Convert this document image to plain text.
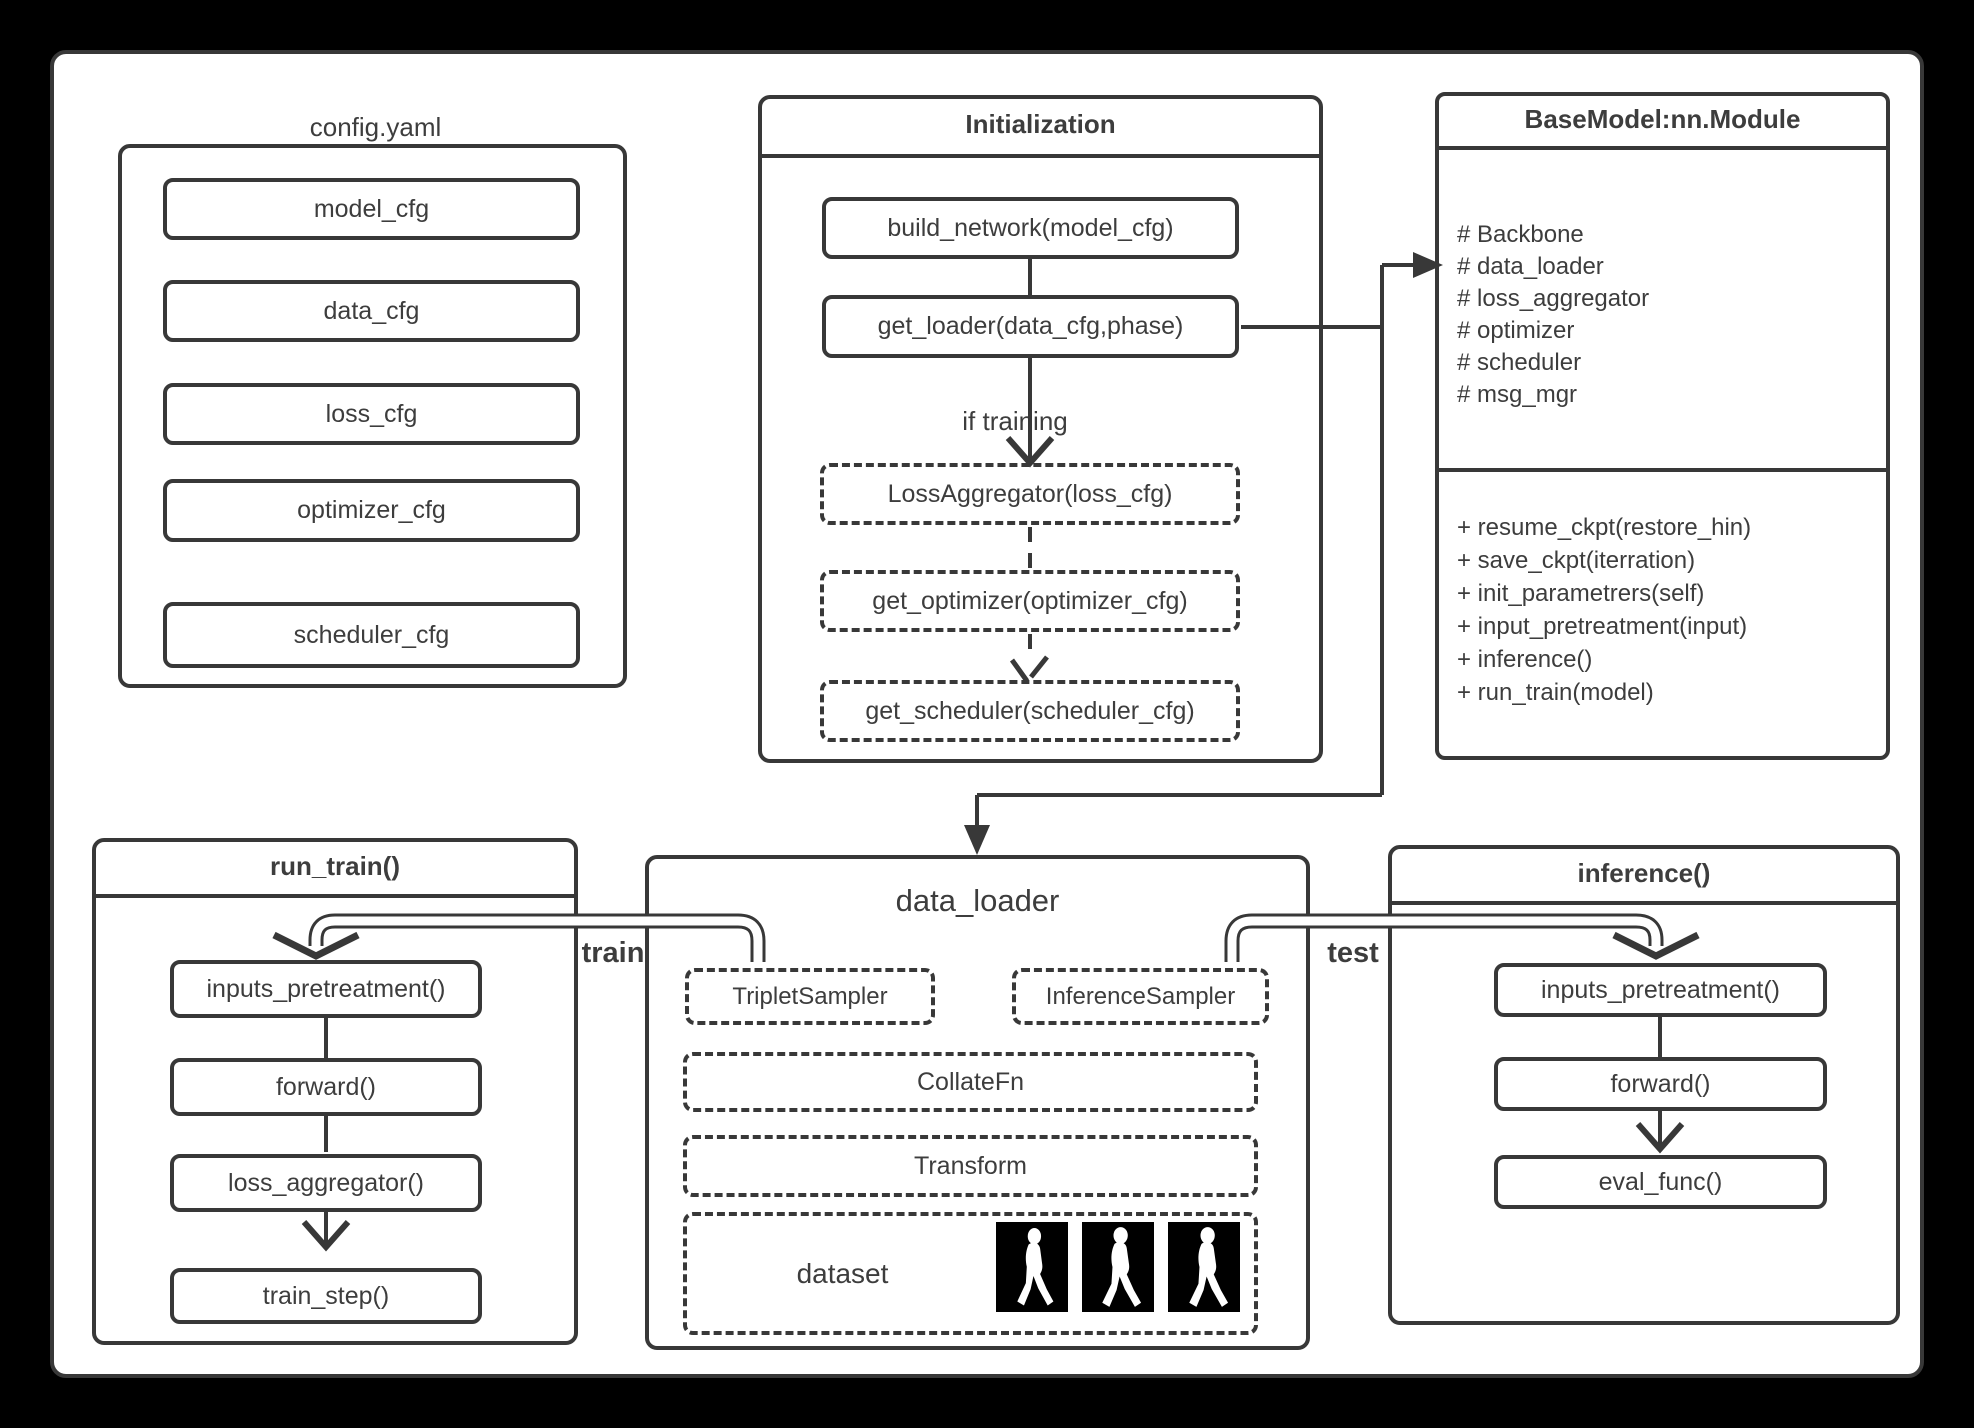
config.yaml
model_cfg
data_cfg
loss_cfg
optimizer_cfg
scheduler_cfg
Initialization
build_network(model_cfg)
get_loader(data_cfg,phase)
if training
LossAggregator(loss_cfg)
get_optimizer(optimizer_cfg)
get_scheduler(scheduler_cfg)
BaseModel:nn.Module
# Backbone
# data_loader
# loss_aggregator
# optimizer
# scheduler
# msg_mgr
+ resume_ckpt(restore_hin)
+ save_ckpt(iterration)
+ init_parametrers(self)
+ input_pretreatment(input)
+ inference()
+ run_train(model)
run_train()
inputs_pretreatment()
forward()
loss_aggregator()
train_step()
data_loader
TripletSampler	InferenceSampler
CollateFn
Transform
dataset
inference()
inputs_pretreatment()
forward()
eval_func()
train	test
